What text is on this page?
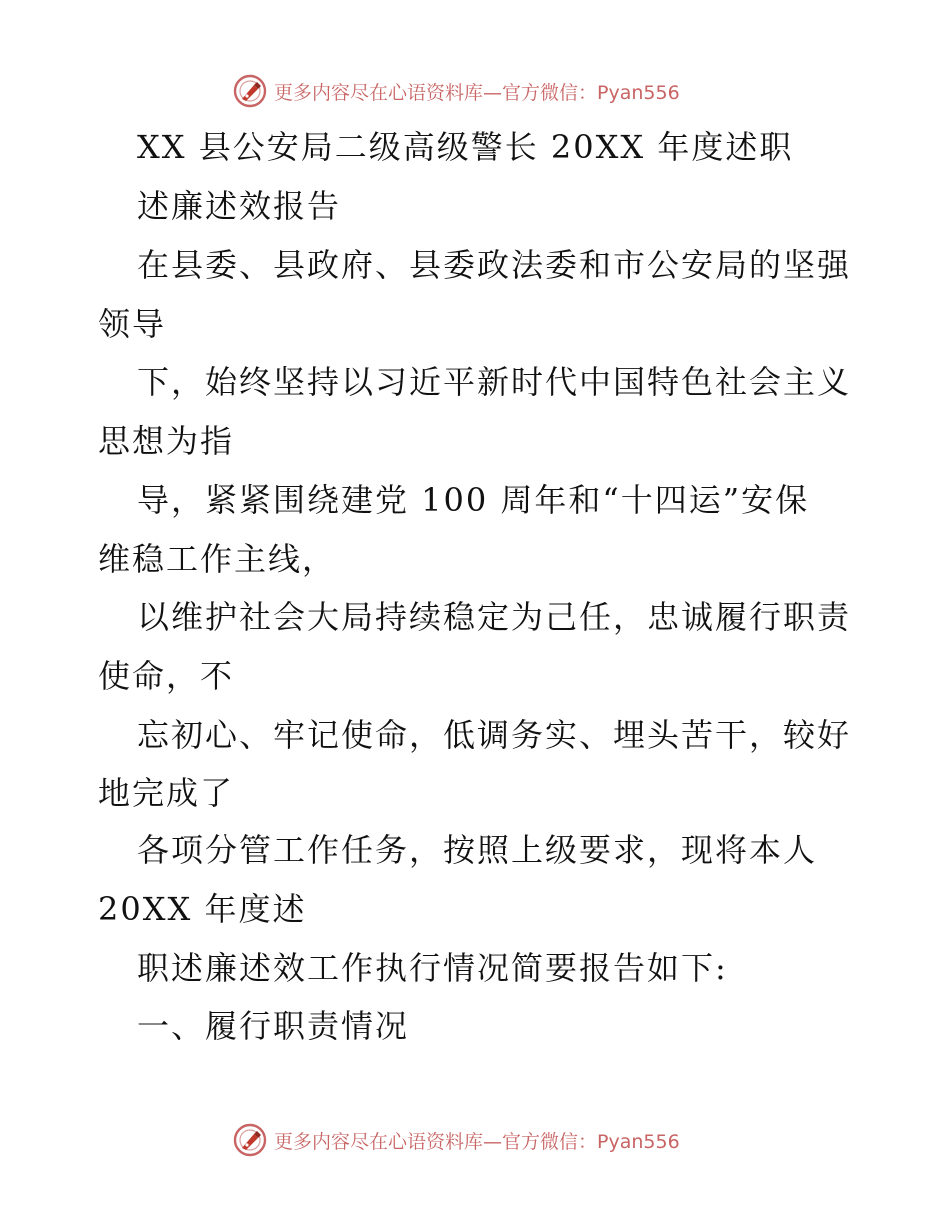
更多内容尽在心语资料库—官方微信：Pyan556
XX 县公安局二级高级警长 20XX 年度述职
述廉述效报告
在县委、县政府、县委政法委和市公安局的坚强
领导
下，始终坚持以习近平新时代中国特色社会主义
思想为指
导，紧紧围绕建党 100 周年和“十四运”安保
维稳工作主线，
以维护社会大局持续稳定为己任，忠诚履行职责
使命，不
忘初心、牢记使命，低调务实、埋头苦干，较好
地完成了
各项分管工作任务，按照上级要求，现将本人
20XX 年度述
职述廉述效工作执行情况简要报告如下:
一、履行职责情况
更多内容尽在心语资料库—官方微信：Pyan556
